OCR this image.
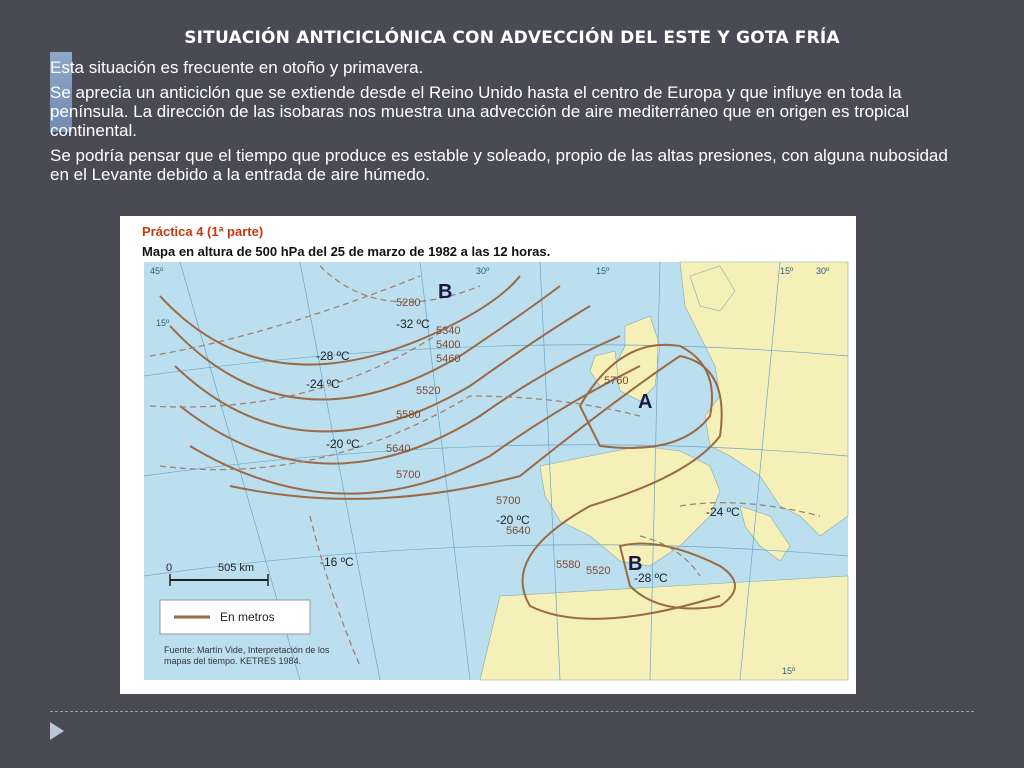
SITUACIÓN ANTICICLÓNICA CON ADVECCIÓN DEL ESTE Y GOTA FRÍA

Esta situación es frecuente en otoño y primavera.

Se aprecia un anticiclón que se extiende desde el Reino Unido hasta el centro de Europa y que influye en toda la península. La dirección de las isobaras nos muestra una advección de aire mediterráneo que en origen es tropical continental.

Se podría pensar que el tiempo que produce es estable y soleado, propio de las altas presiones, con alguna nubosidad en el Levante debido a la entrada de aire húmedo.

Práctica 4 (1ª parte)
Mapa en altura de 500 hPa del 25 de marzo de 1982 a las 12 horas.
B
A
B
5280
5340
5400
5460
5520
5580
5640
5700
5760
5640
5700
5580 5520
-32 ºC
-28 ºC
-24 ºC
-20 ºC
-16 ºC
-20 ºC
-24 ºC
-28 ºC
45º	30º	15º	15º	30º
15º
15º
0	505 km
En metros
Fuente: Martín Vide, Interpretación de los
mapas del tiempo. KETRES 1984.
